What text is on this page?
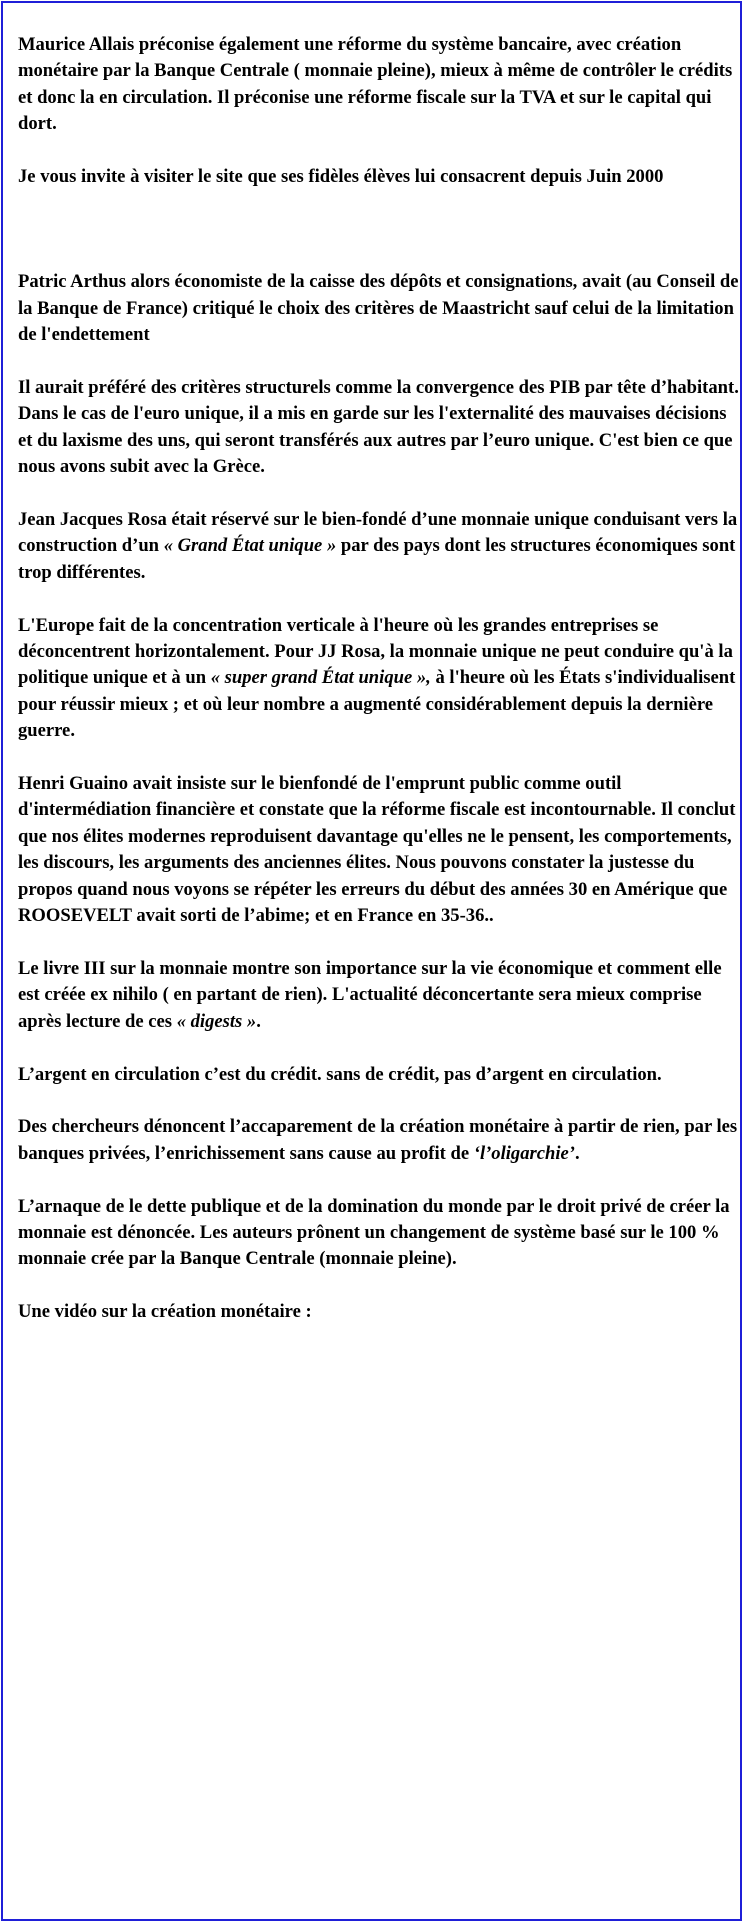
Maurice Allais préconise également une réforme du système bancaire, avec création monétaire par la Banque Centrale ( monnaie pleine), mieux à même de contrôler le crédits et donc la en circulation. Il préconise une réforme fiscale sur la TVA et sur le capital qui dort.

Je vous invite à visiter le site que ses fidèles élèves lui consacrent depuis Juin 2000

Patric Arthus alors économiste de la caisse des dépôts et consignations, avait (au Conseil de la Banque de France) critiqué le choix des critères de Maastricht sauf celui de la limitation de l'endettement

Il aurait préféré des critères structurels comme la convergence des PIB par tête d’habitant. Dans le cas de l'euro unique, il a mis en garde sur les l'externalité des mauvaises décisions et du laxisme des uns, qui seront transférés aux autres par l’euro unique. C'est bien ce que nous avons subit avec la Grèce.

Jean Jacques Rosa était réservé sur le bien-fondé d’une monnaie unique conduisant vers la construction d’un « Grand État unique » par des pays dont les structures économiques sont trop différentes.

L'Europe fait de la concentration verticale à l'heure où les grandes entreprises se déconcentrent horizontalement. Pour JJ Rosa, la monnaie unique ne peut conduire qu'à la politique unique et à un « super grand État unique », à l'heure où les États s'individualisent pour réussir mieux ; et où leur nombre a augmenté considérablement depuis la dernière guerre.

Henri Guaino avait insiste sur le bienfondé de l'emprunt public comme outil d'intermédiation financière et constate que la réforme fiscale est incontournable. Il conclut que nos élites modernes reproduisent davantage qu'elles ne le pensent, les comportements, les discours, les arguments des anciennes élites. Nous pouvons constater la justesse du propos quand nous voyons se répéter les erreurs du début des années 30 en Amérique que ROOSEVELT avait sorti de l’abime; et en France en 35-36..

Le livre III sur la monnaie montre son importance sur la vie économique et comment elle est créée ex nihilo ( en partant de rien). L'actualité déconcertante sera mieux comprise après lecture de ces « digests ».

L’argent en circulation c’est du crédit. sans de crédit, pas d’argent en circulation.

Des chercheurs dénoncent l’accaparement de la création monétaire à partir de rien, par les banques privées, l’enrichissement sans cause au profit de ‘l’oligarchie’.

L’arnaque de le dette publique et de la domination du monde par le droit privé de créer la monnaie est dénoncée. Les auteurs prônent un changement de système basé sur le 100 % monnaie crée par la Banque Centrale (monnaie pleine).

Une vidéo sur la création monétaire :
